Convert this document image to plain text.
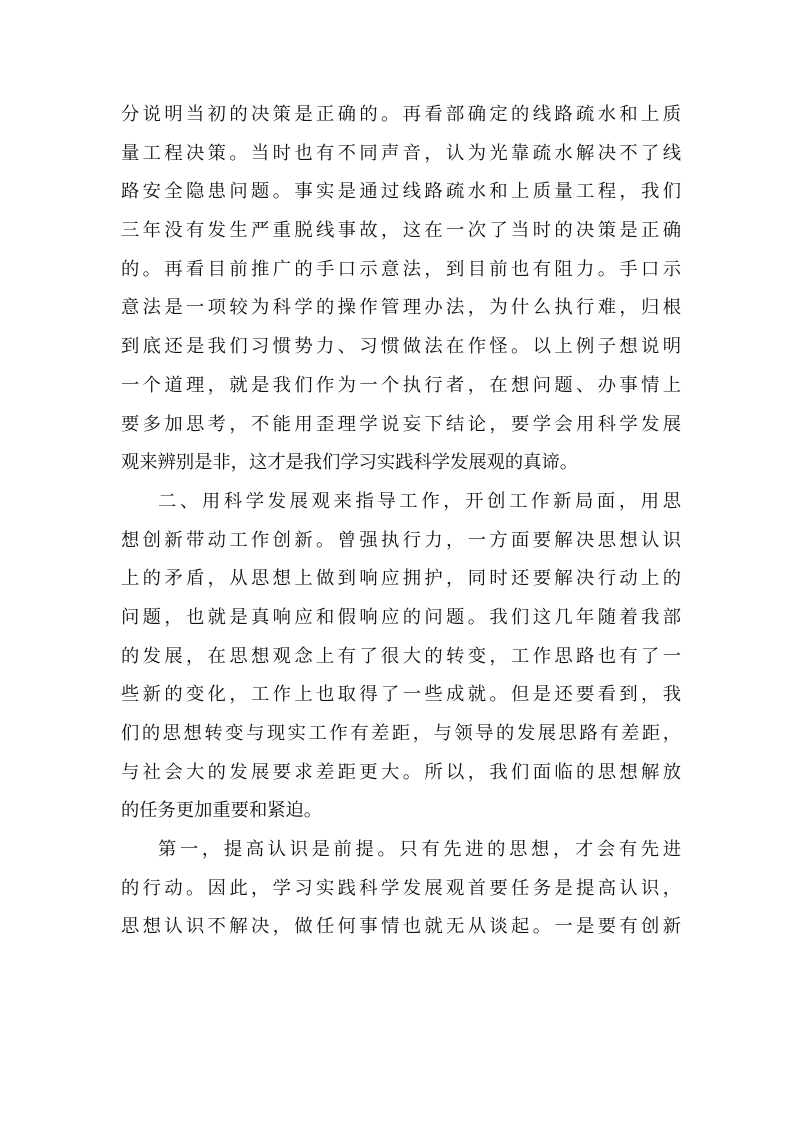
分说明当初的决策是正确的。再看部确定的线路疏水和上质
量工程决策。当时也有不同声音，认为光靠疏水解决不了线
路安全隐患问题。事实是通过线路疏水和上质量工程，我们
三年没有发生严重脱线事故，这在一次了当时的决策是正确
的。再看目前推广的手口示意法，到目前也有阻力。手口示
意法是一项较为科学的操作管理办法，为什么执行难，归根
到底还是我们习惯势力、习惯做法在作怪。以上例子想说明
一个道理，就是我们作为一个执行者，在想问题、办事情上
要多加思考，不能用歪理学说妄下结论，要学会用科学发展
观来辨别是非，这才是我们学习实践科学发展观的真谛。
二、用科学发展观来指导工作，开创工作新局面，用思
想创新带动工作创新。曾强执行力，一方面要解决思想认识
上的矛盾，从思想上做到响应拥护，同时还要解决行动上的
问题，也就是真响应和假响应的问题。我们这几年随着我部
的发展，在思想观念上有了很大的转变，工作思路也有了一
些新的变化，工作上也取得了一些成就。但是还要看到，我
们的思想转变与现实工作有差距，与领导的发展思路有差距，
与社会大的发展要求差距更大。所以，我们面临的思想解放
的任务更加重要和紧迫。
第一，提高认识是前提。只有先进的思想，才会有先进
的行动。因此，学习实践科学发展观首要任务是提高认识，
思想认识不解决，做任何事情也就无从谈起。一是要有创新
